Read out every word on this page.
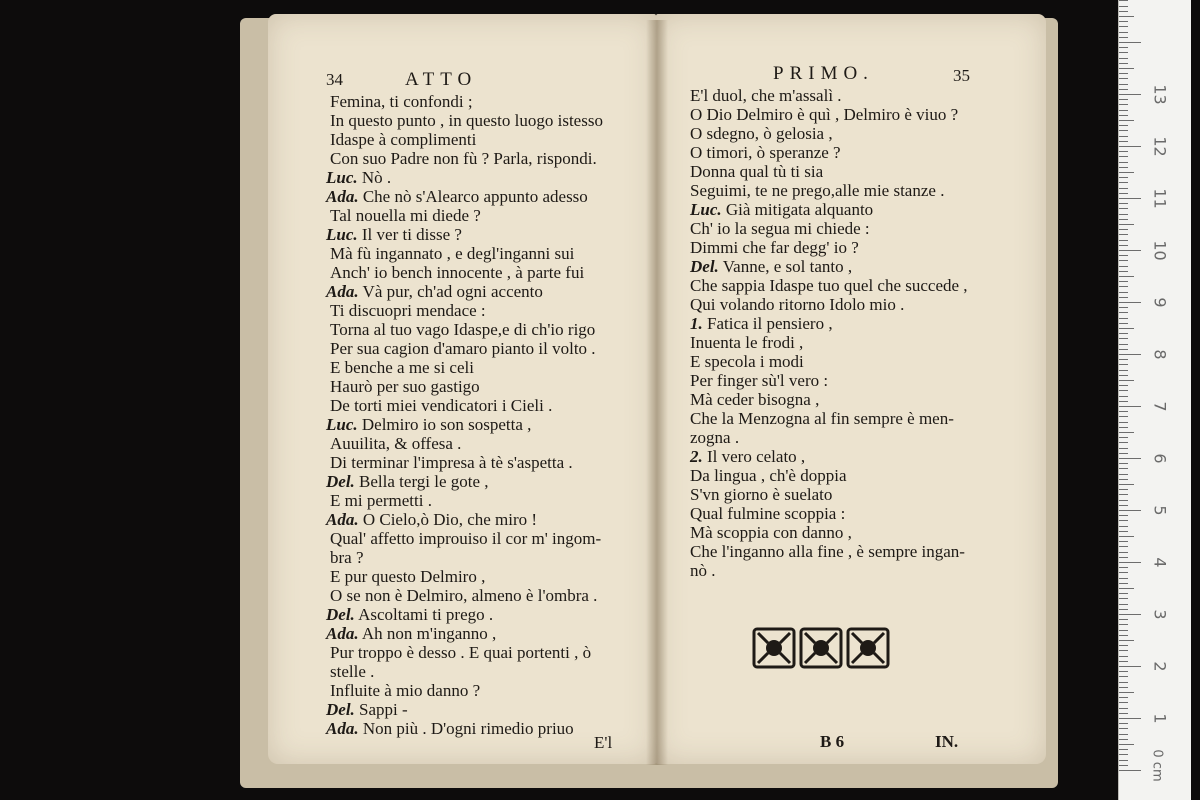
34	ATTO	PRIMO.	35
Femina, ti confondi ;
In questo punto , in questo luogo istesso
Idaspe à complimenti
Con suo Padre non fù ? Parla, rispondi.
Luc. Nò .
Ada. Che nò s'Alearco appunto adesso
Tal nouella mi diede ?
Luc. Il ver ti disse ?
Mà fù ingannato , e degl'inganni sui
Anch' io bench innocente , à parte fui
Ada. Và pur, ch'ad ogni accento
Ti discuopri mendace :
Torna al tuo vago Idaspe,e di ch'io rigo
Per sua cagion d'amaro pianto il volto .
E benche a me si celi
Haurò per suo gastigo
De torti miei vendicatori i Cieli .
Luc. Delmiro io son sospetta ,
Auuilita, & offesa .
Di terminar l'impresa à tè s'aspetta .
Del. Bella tergi le gote ,
E mi permetti .
Ada. O Cielo,ò Dio, che miro !
Qual' affetto improuiso il cor m' ingom-
bra ?
E pur questo Delmiro ,
O se non è Delmiro, almeno è l'ombra .
Del. Ascoltami ti prego .
Ada. Ah non m'inganno ,
Pur troppo è desso . E quai portenti , ò
stelle .
Influite à mio danno ?
Del. Sappi -
Ada. Non più . D'ogni rimedio priuo
E'l duol, che m'assalì .
O Dio Delmiro è quì , Delmiro è viuo ?
O sdegno, ò gelosia ,
O timori, ò speranze ?
Donna qual tù ti sia
Seguimi, te ne prego,alle mie stanze .
Luc. Già mitigata alquanto
Ch' io la segua mi chiede :
Dimmi che far degg' io ?
Del. Vanne, e sol tanto ,
Che sappia Idaspe tuo quel che succede ,
Qui volando ritorno Idolo mio .
1. Fatica il pensiero ,
Inuenta le frodi ,
E specola i modi
Per finger sù'l vero :
Mà ceder bisogna ,
Che la Menzogna al fin sempre è men-
zogna .
2. Il vero celato ,
Da lingua , ch'è doppia
S'vn giorno è suelato
Qual fulmine scoppia :
Mà scoppia con danno ,
Che l'inganno alla fine , è sempre ingan-
nò .
E'l	B 6	IN.
0 cm
13
12
11
10
9
8
7
6
5
4
3
2
1
